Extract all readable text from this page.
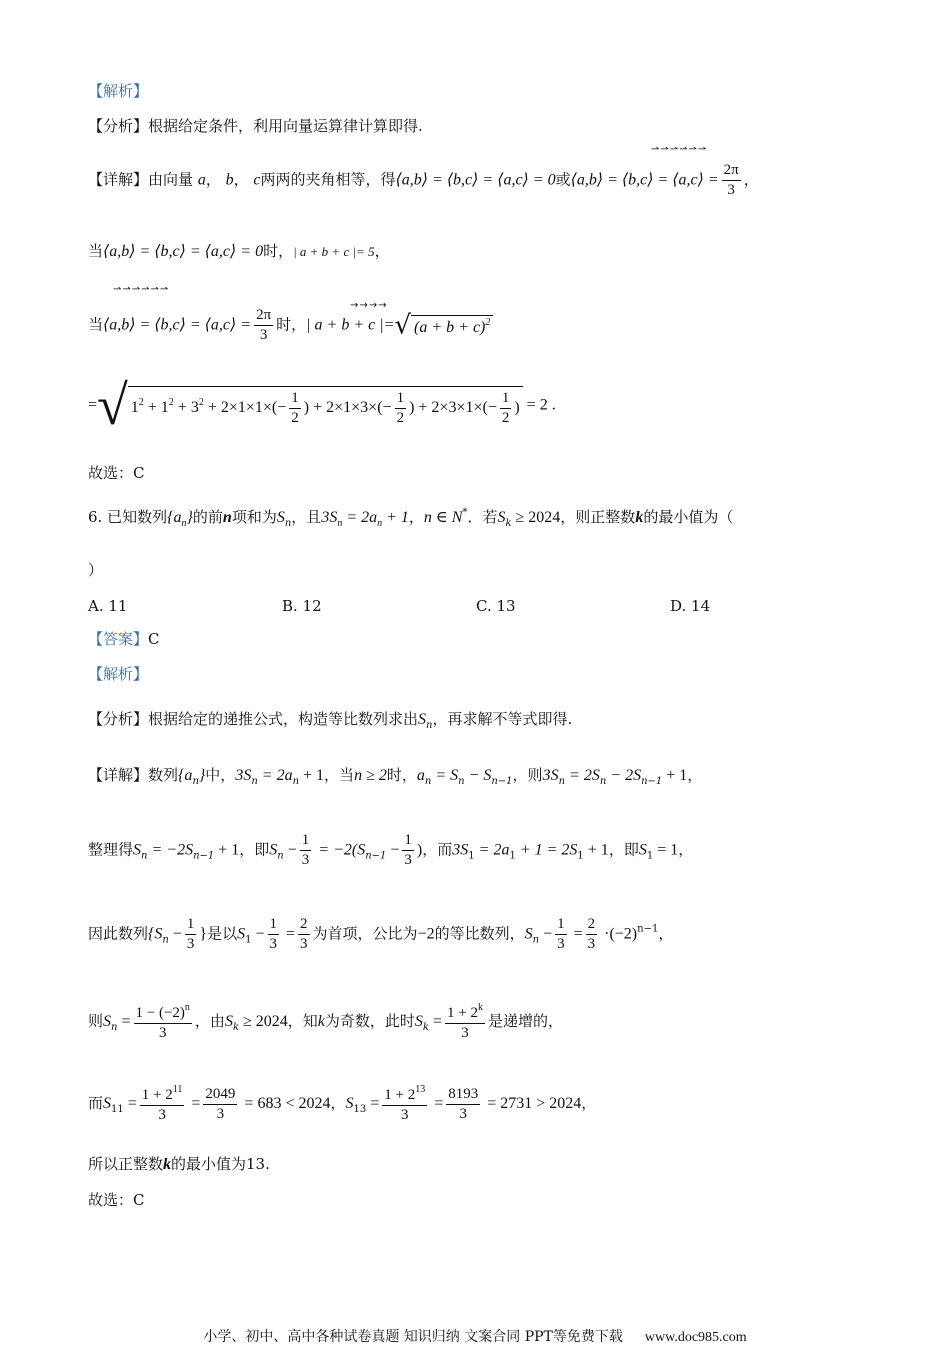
【解析】
【分析】根据给定条件，利用向量运算律计算即得.
⇀⇀⇀⇀⇀⇀
【详解】由向量 a， b， c两两的夹角相等，得⟨a,b⟩ = ⟨b,c⟩ = ⟨a,c⟩ = 0或⟨a,b⟩ = ⟨b,c⟩ = ⟨a,c⟩ = $\frac{2\pi}{3}$ ，
当⟨a,b⟩ = ⟨b,c⟩ = ⟨a,c⟩ = 0时，| a + b + c |= 5，
⇀⇀⇀⇀⇀⇀
→→→→
当⟨a,b⟩ = ⟨b,c⟩ = ⟨a,c⟩ = $\frac{2\pi}{3}$ 时，| a + b + c |=√ $(a + b + c)^2$
=√ $1^2 + 1^2 + 3^2 + 2\times 1\times 1\times(- \frac{1}{2}$ ) + $2\times 1\times 3\times(- \frac{1}{2}$ ) + $2\times 3\times 1\times(- \frac{1}{2}$ ) = 2 .
故选：C
6. 已知数列$\{a_n\}$的前n项和为$S_n$，且$3S_n = 2a_n + 1$，n ∈ N*．若$S_k \ge 2024$，则正整数k的最小值为（
）
A. 11	B. 12	C. 13	D. 14
【答案】C
【解析】
【分析】根据给定的递推公式，构造等比数列求出$S_n$，再求解不等式即得.
【详解】数列$\{a_n\}$中，$3S_n = 2a_n + 1$，当n ≥ 2时，$a_n = S_n - S_{n-1}$，则$3S_n = 2S_n - 2S_{n-1} + 1$，
整理得$S_n = -2S_{n-1} + 1$，即$S_n - \frac{1}{3} = -2(S_{n-1} - \frac{1}{3}$ )，而$3S_1 = 2a_1 + 1 = 2S_1 + 1$，即$S_1 = 1$，
因此数列{$S_n - \frac{1}{3}$ }是以$S_1 - \frac{1}{3} = \frac{2}{3}$ 为首项，公比为−2的等比数列，$S_n - \frac{1}{3} = \frac{2}{3} \cdot(-2)^{n-1}$，
则$S_n = \frac{1 - (-2)^n}{3}$ ，由$S_k \ge 2024$，知k为奇数，此时$S_k = \frac{1 + 2^k}{3}$ 是递增的，
而$S_{11} = \frac{1 + 2^{11}}{3} = \frac{2049}{3} = 683 < 2024$，$S_{13} = \frac{1 + 2^{13}}{3} = \frac{8193}{3} = 2731 > 2024$，
所以正整数k的最小值为13.
故选：C
小学、初中、高中各种试卷真题 知识归纳 文案合同 PPT等免费下载 www.doc985.com
